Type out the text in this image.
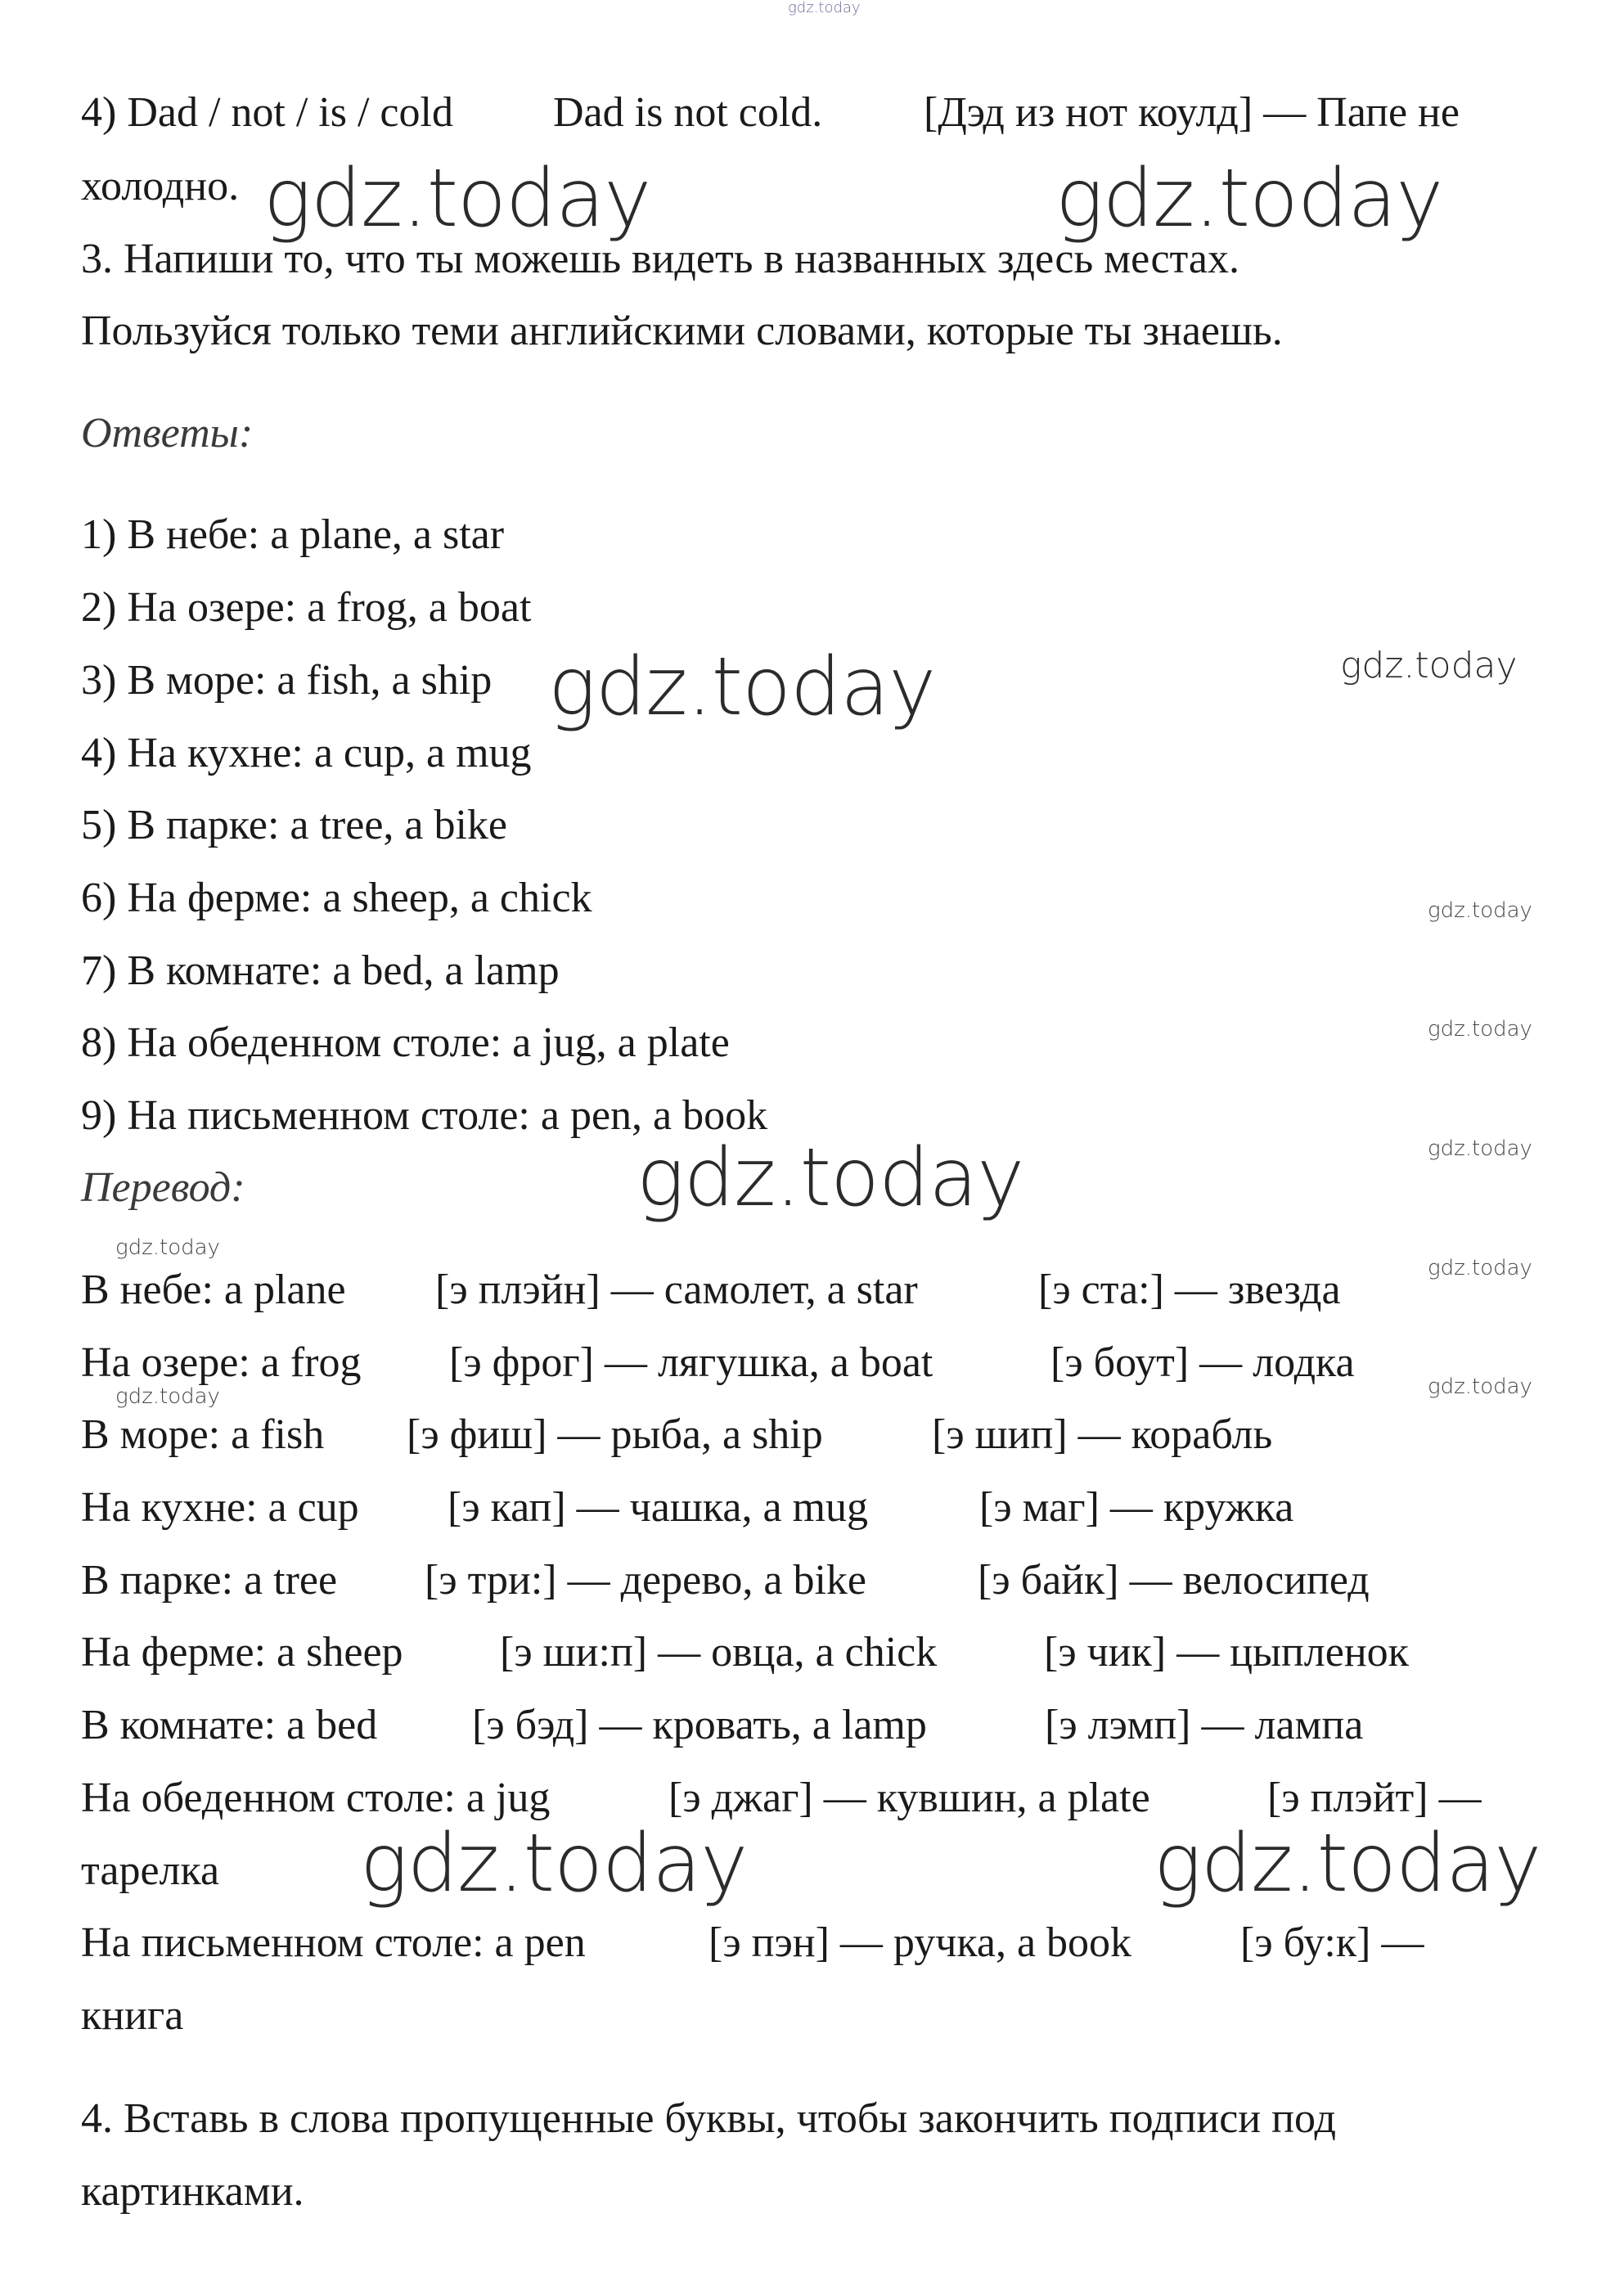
gdz.today
gdz.today	gdz.today
gdz.today	gdz.today
gdz.today
gdz.today
gdz.today
gdz.today
gdz.today
gdz.today
gdz.today	gdz.today
gdz.today	gdz.today
4) Dad / not / is / cold Dad is not cold. [Дэд из нот коулд] — Папе не
холодно.
3. Напиши то, что ты можешь видеть в названных здесь местах.
Пользуйся только теми английскими словами, которые ты знаешь.
Ответы:
1) В небе: a plane, a star
2) На озере: a frog, a boat
3) В море: a fish, a ship
4) На кухне: a cup, a mug
5) В парке: a tree, a bike
6) На ферме: a sheep, a chick
7) В комнате: a bed, a lamp
8) На обеденном столе: a jug, a plate
9) На письменном столе: a pen, a book
Перевод:
В небе: a plane [э плэйн] — самолет, a star	[э ста:] — звезда
На озере: a frog [э фрог] — лягушка, a boat	[э боут] — лодка
В море: a fish [э фиш] — рыба, a ship	[э шип] — корабль
На кухне: a cup [э кап] — чашка, a mug	[э маг] — кружка
В парке: a tree [э три:] — дерево, a bike	[э байк] — велосипед
На ферме: a sheep [э ши:п] — овца, a chick	[э чик] — цыпленок
В комнате: a bed [э бэд] — кровать, a lamp	[э лэмп] — лампа
На обеденном столе: a jug	[э джаг] — кувшин, a plate	[э плэйт] —
тарелка
На письменном столе: a pen	[э пэн] — ручка, a book	[э бу:к] —
книга
4. Вставь в слова пропущенные буквы, чтобы закончить подписи под
картинками.
